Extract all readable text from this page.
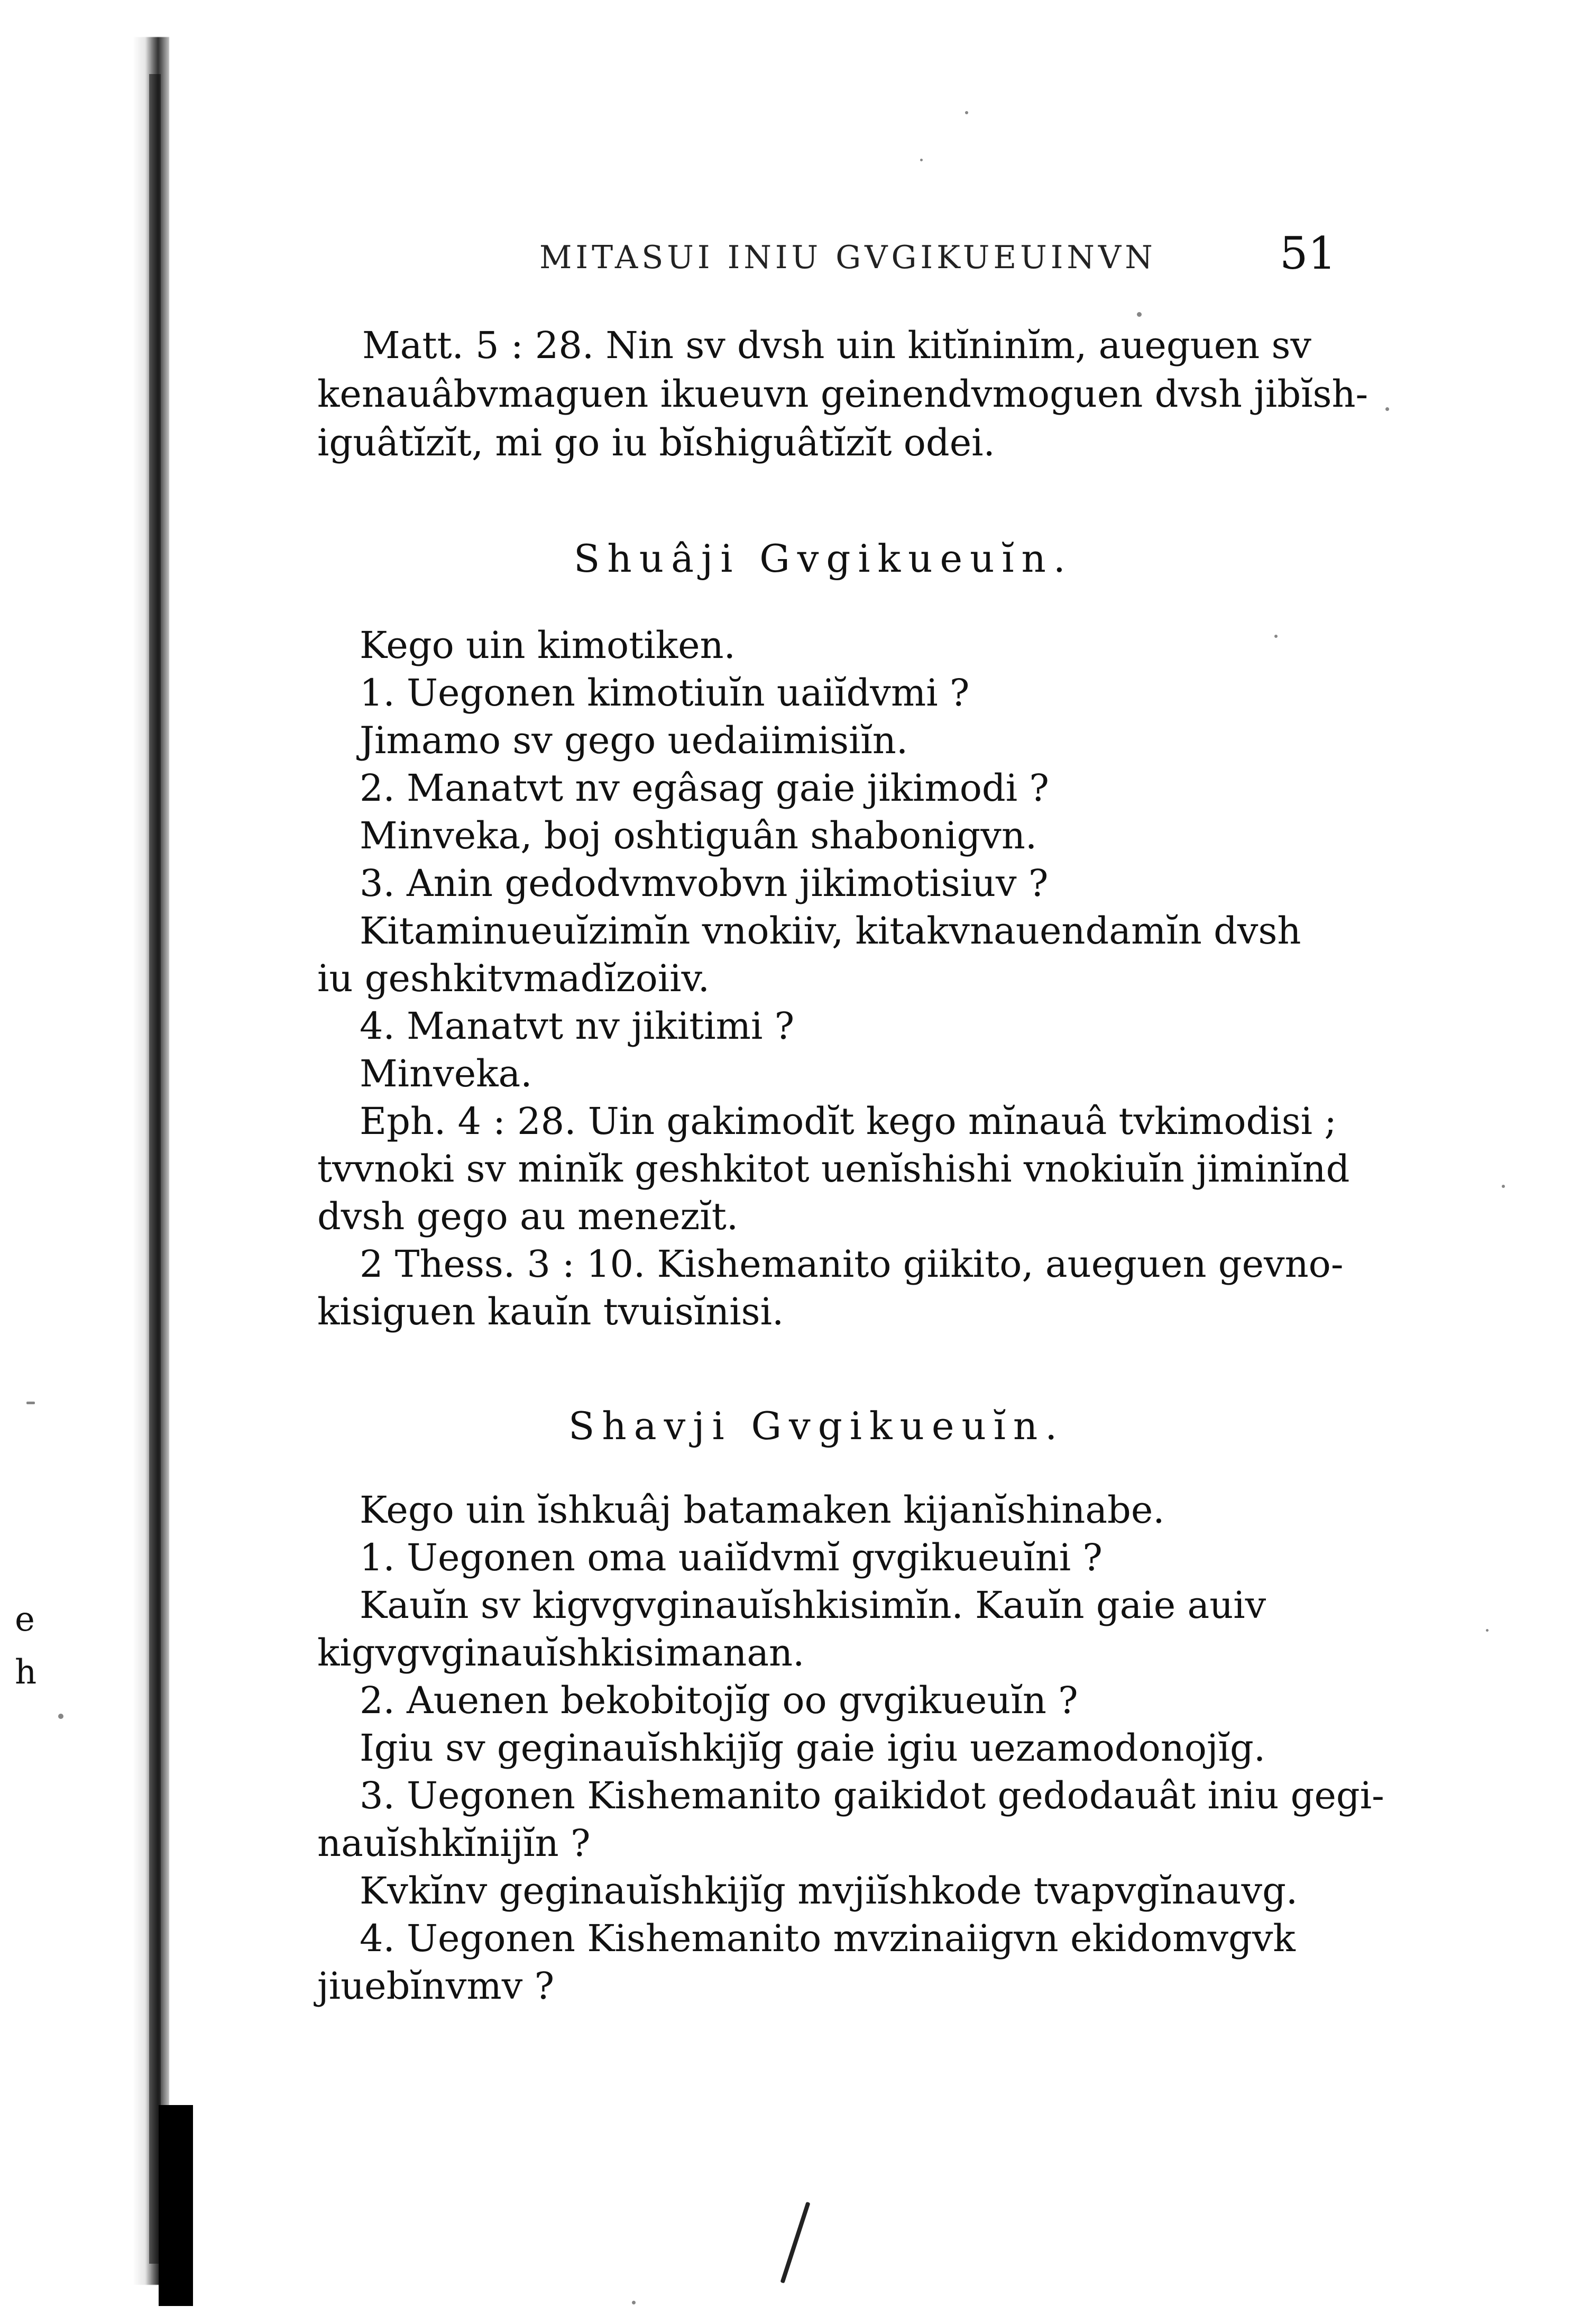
e
h
MITASUI INIU GVGIKUEUINVN	51
Matt. 5 : 28. Nin sv dvsh uin kitĭninĭm, aueguen sv
kenauâbvmaguen ikueuvn geinendvmoguen dvsh jibĭsh-
iguâtĭzĭt, mi go iu bĭshiguâtĭzĭt odei.
Shuâji Gvgikueuĭn.
Kego uin kimotiken.
1. Uegonen kimotiuĭn uaiĭdvmi ?
Jimamo sv gego uedaiimisiĭn.
2. Manatvt nv egâsag gaie jikimodi ?
Minveka, boj oshtiguân shabonigvn.
3. Anin gedodvmvobvn jikimotisiuv ?
Kitaminueuĭzimĭn vnokiiv, kitakvnauendamĭn dvsh
iu geshkitvmadĭzoiiv.
4. Manatvt nv jikitimi ?
Minveka.
Eph. 4 : 28. Uin gakimodĭt kego mĭnauâ tvkimodisi ;
tvvnoki sv minĭk geshkitot uenĭshishi vnokiuĭn jiminĭnd
dvsh gego au menezĭt.
2 Thess. 3 : 10. Kishemanito giikito, aueguen gevno-
kisiguen kauĭn tvuisĭnisi.
Shavji Gvgikueuĭn.
Kego uin ĭshkuâj batamaken kijanĭshinabe.
1. Uegonen oma uaiĭdvmĭ gvgikueuĭni ?
Kauĭn sv kigvgvginauĭshkisimĭn. Kauĭn gaie auiv
kigvgvginauĭshkisimanan.
2. Auenen bekobitojĭg oo gvgikueuĭn ?
Igiu sv geginauĭshkijĭg gaie igiu uezamodonojĭg.
3. Uegonen Kishemanito gaikidot gedodauât iniu gegi-
nauĭshkĭnijĭn ?
Kvkĭnv geginauĭshkijĭg mvjiĭshkode tvapvgĭnauvg.
4. Uegonen Kishemanito mvzinaiigvn ekidomvgvk
jiuebĭnvmv ?
